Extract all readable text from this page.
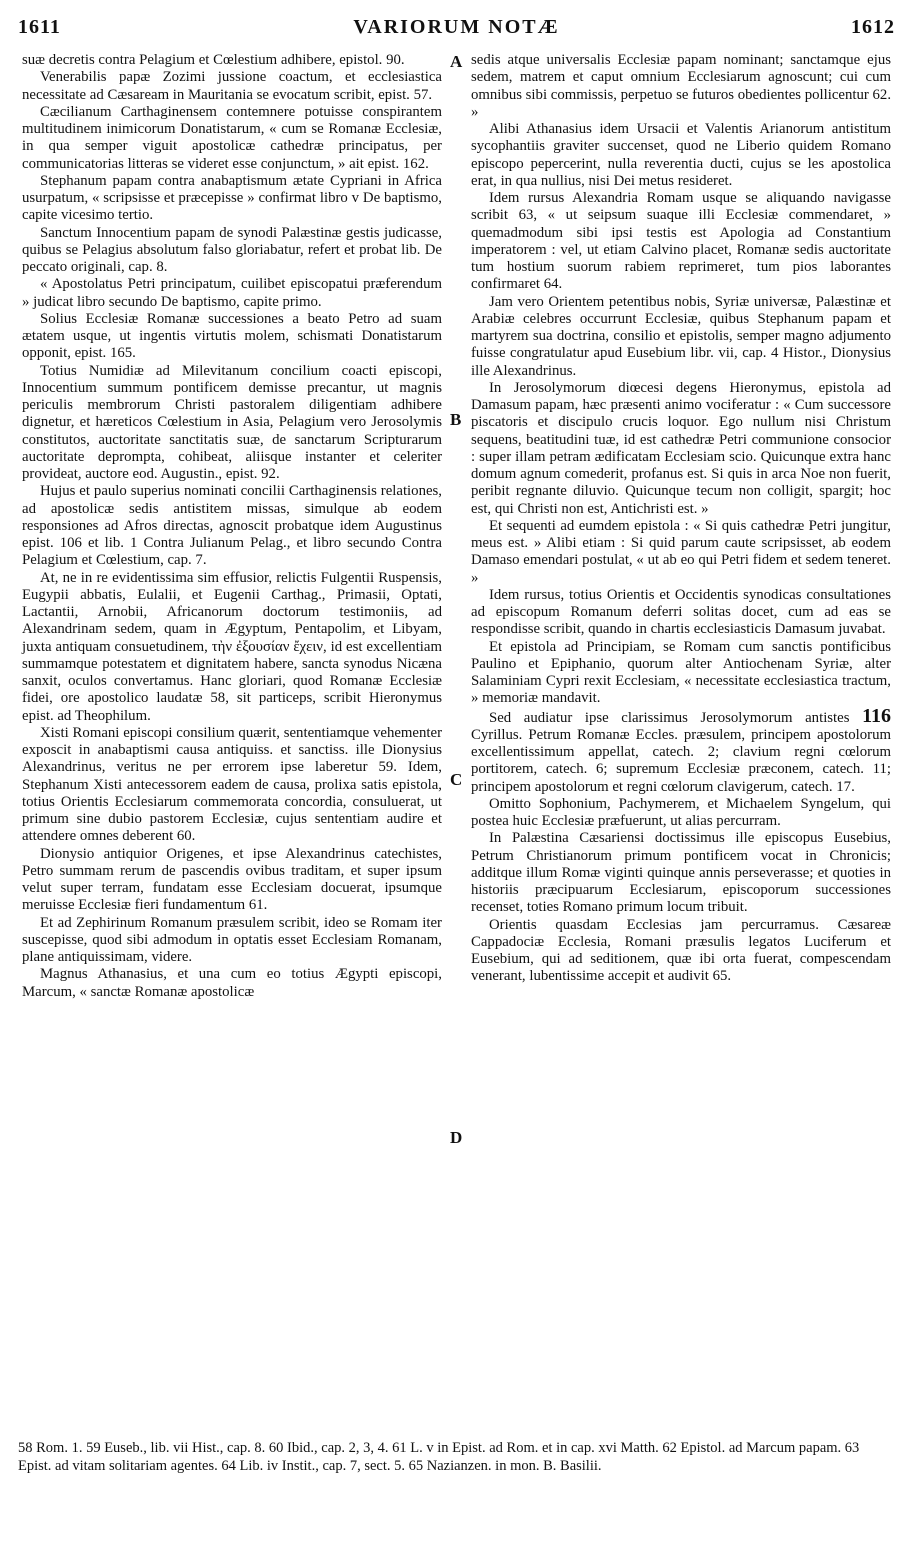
1611	VARIORUM NOTÆ	1612

suæ decretis contra Pelagium et Cœlestium adhibere, epistol. 90.

Venerabilis papæ Zozimi jussione coactum, et ecclesiastica necessitate ad Cæsaream in Mauritania se evocatum scribit, epist. 57.

Cæcilianum Carthaginensem contemnere potuisse conspirantem multitudinem inimicorum Donatistarum, « cum se Romanæ Ecclesiæ, in qua semper viguit apostolicæ cathedræ principatus, per communicatorias litteras se videret esse conjunctum, » ait epist. 162.

Stephanum papam contra anabaptismum ætate Cypriani in Africa usurpatum, « scripsisse et præcepisse » confirmat libro v De baptismo, capite vicesimo tertio.

Sanctum Innocentium papam de synodi Palæstinæ gestis judicasse, quibus se Pelagius absolutum falso gloriabatur, refert et probat lib. De peccato originali, cap. 8.

« Apostolatus Petri principatum, cuilibet episcopatui præferendum » judicat libro secundo De baptismo, capite primo.

Solius Ecclesiæ Romanæ successiones a beato Petro ad suam ætatem usque, ut ingentis virtutis molem, schismati Donatistarum opponit, epist. 165.

Totius Numidiæ ad Milevitanum concilium coacti episcopi, Innocentium summum pontificem demisse precantur, ut magnis periculis membrorum Christi pastoralem diligentiam adhibere dignetur, et hæreticos Cœlestium in Asia, Pelagium vero Jerosolymis constitutos, auctoritate sanctitatis suæ, de sanctarum Scripturarum auctoritate deprompta, cohibeat, aliisque instanter et celeriter provideat, auctore eod. Augustin., epist. 92.

Hujus et paulo superius nominati concilii Carthaginensis relationes, ad apostolicæ sedis antistitem missas, simulque ab eodem responsiones ad Afros directas, agnoscit probatque idem Augustinus epist. 106 et lib. 1 Contra Julianum Pelag., et libro secundo Contra Pelagium et Cœlestium, cap. 7.

At, ne in re evidentissima sim effusior, relictis Fulgentii Ruspensis, Eugypii abbatis, Eulalii, et Eugenii Carthag., Primasii, Optati, Lactantii, Arnobii, Africanorum doctorum testimoniis, ad Alexandrinam sedem, quam in Ægyptum, Pentapolim, et Libyam, juxta antiquam consuetudinem, τὴν ἐξουσίαν ἔχειν, id est excellentiam summamque potestatem et dignitatem habere, sancta synodus Nicæna sanxit, oculos convertamus. Hanc gloriari, quod Romanæ Ecclesiæ fidei, ore apostolico laudatæ 58, sit particeps, scribit Hieronymus epist. ad Theophilum.

Xisti Romani episcopi consilium quærit, sententiamque vehementer exposcit in anabaptismi causa antiquiss. et sanctiss. ille Dionysius Alexandrinus, veritus ne per errorem ipse laberetur 59. Idem, Stephanum Xisti antecessorem eadem de causa, prolixa satis epistola, totius Orientis Ecclesiarum commemorata concordia, consuluerat, ut primum sine dubio pastorem Ecclesiæ, cujus sententiam audire et attendere omnes deberent 60.

Dionysio antiquior Origenes, et ipse Alexandrinus catechistes, Petro summam rerum de pascendis ovibus traditam, et super ipsum velut super terram, fundatam esse Ecclesiam docuerat, ipsumque meruisse Ecclesiæ fieri fundamentum 61.

Et ad Zephirinum Romanum præsulem scribit, ideo se Romam iter suscepisse, quod sibi admodum in optatis esset Ecclesiam Romanam, plane antiquissimam, videre.

Magnus Athanasius, et una cum eo totius Ægypti episcopi, Marcum, « sanctæ Romanæ apostolicæ

A
B
C
D

sedis atque universalis Ecclesiæ papam nominant; sanctamque ejus sedem, matrem et caput omnium Ecclesiarum agnoscunt; cui cum omnibus sibi commissis, perpetuo se futuros obedientes pollicentur 62. »

Alibi Athanasius idem Ursacii et Valentis Arianorum antistitum sycophantiis graviter succenset, quod ne Liberio quidem Romano episcopo pepercerint, nulla reverentia ducti, cujus se les apostolica erat, in qua nullius, nisi Dei metus resideret.

Idem rursus Alexandria Romam usque se aliquando navigasse scribit 63, « ut seipsum suaque illi Ecclesiæ commendaret, » quemadmodum sibi ipsi testis est Apologia ad Constantium imperatorem : vel, ut etiam Calvino placet, Romanæ sedis auctoritate tum hostium suorum rabiem reprimeret, tum pios laborantes confirmaret 64.

Jam vero Orientem petentibus nobis, Syriæ universæ, Palæstinæ et Arabiæ celebres occurrunt Ecclesiæ, quibus Stephanum papam et martyrem sua doctrina, consilio et epistolis, semper magno adjumento fuisse congratulatur apud Eusebium libr. vii, cap. 4 Histor., Dionysius ille Alexandrinus.

In Jerosolymorum diœcesi degens Hieronymus, epistola ad Damasum papam, hæc præsenti animo vociferatur : « Cum successore piscatoris et discipulo crucis loquor. Ego nullum nisi Christum sequens, beatitudini tuæ, id est cathedræ Petri communione consocior : super illam petram ædificatam Ecclesiam scio. Quicunque extra hanc domum agnum comederit, profanus est. Si quis in arca Noe non fuerit, peribit regnante diluvio. Quicunque tecum non colligit, spargit; hoc est, qui Christi non est, Antichristi est. »

Et sequenti ad eumdem epistola : « Si quis cathedræ Petri jungitur, meus est. » Alibi etiam : Si quid parum caute scripsisset, ab eodem Damaso emendari postulat, « ut ab eo qui Petri fidem et sedem teneret. »

Idem rursus, totius Orientis et Occidentis synodicas consultationes ad episcopum Romanum deferri solitas docet, cum ad eas se respondisse scribit, quando in chartis ecclesiasticis Damasum juvabat.

Et epistola ad Principiam, se Romam cum sanctis pontificibus Paulino et Epiphanio, quorum alter Antiochenam Syriæ, alter Salaminiam Cypri rexit Ecclesiam, « necessitate ecclesiastica tractum, » memoriæ mandavit.

Sed audiatur ipse clarissimus Jerosolymorum antistes 116 Cyrillus. Petrum Romanæ Eccles. præsulem, principem apostolorum excellentissimum appellat, catech. 2; clavium regni cœlorum portitorem, catech. 6; supremum Ecclesiæ præconem, catech. 11; principem apostolorum et regni cœlorum clavigerum, catech. 17.

Omitto Sophonium, Pachymerem, et Michaelem Syngelum, qui postea huic Ecclesiæ præfuerunt, ut alias percurram.

In Palæstina Cæsariensi doctissimus ille episcopus Eusebius, Petrum Christianorum primum pontificem vocat in Chronicis; additque illum Romæ viginti quinque annis perseverasse; et quoties in historiis præcipuarum Ecclesiarum, episcoporum successiones recenset, toties Romano primum locum tribuit.

Orientis quasdam Ecclesias jam percurramus. Cæsareæ Cappadociæ Ecclesia, Romani præsulis legatos Luciferum et Eusebium, qui ad seditionem, quæ ibi orta fuerat, compescendam venerant, lubentissime accepit et audivit 65.

58 Rom. 1. 59 Euseb., lib. vii Hist., cap. 8. 60 Ibid., cap. 2, 3, 4. 61 L. v in Epist. ad Rom. et in cap. xvi Matth. 62 Epistol. ad Marcum papam. 63 Epist. ad vitam solitariam agentes. 64 Lib. iv Instit., cap. 7, sect. 5. 65 Nazianzen. in mon. B. Basilii.
